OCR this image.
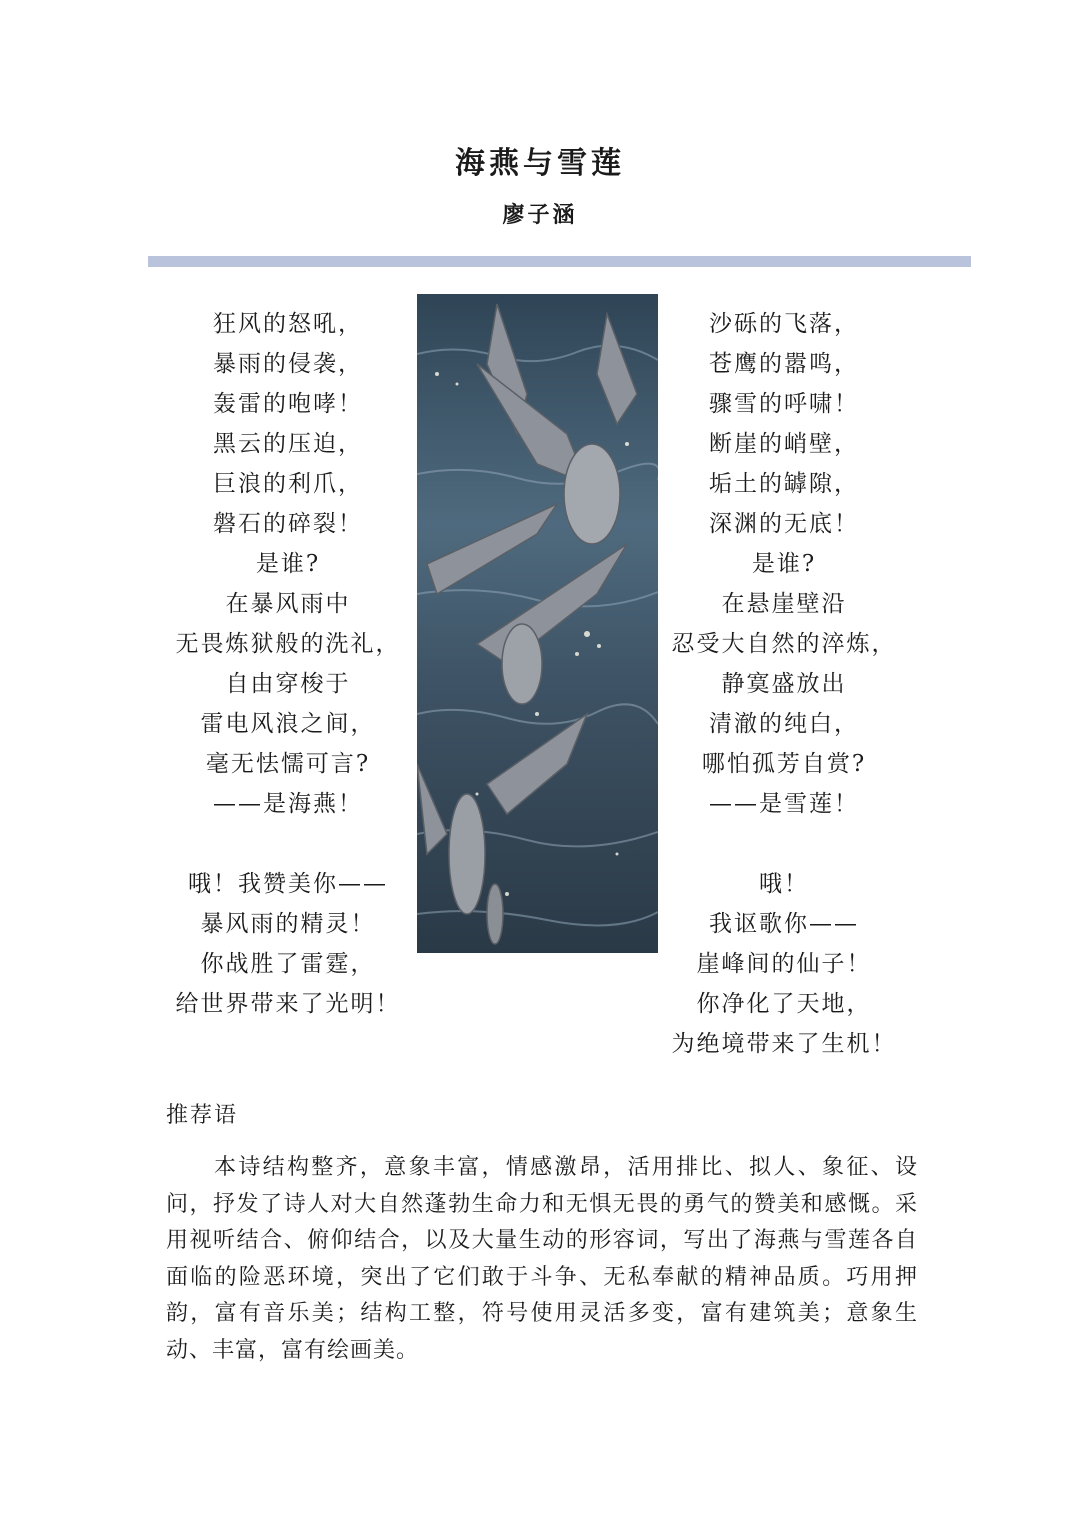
海燕与雪莲
廖子涵
狂风的怒吼，
暴雨的侵袭，
轰雷的咆哮！
黑云的压迫，
巨浪的利爪，
磐石的碎裂！
是谁?
在暴风雨中
无畏炼狱般的洗礼，
自由穿梭于
雷电风浪之间，
毫无怯懦可言?
——是海燕！
哦！我赞美你——
暴风雨的精灵！
你战胜了雷霆，
给世界带来了光明！
沙砾的飞落，
苍鹰的嚣鸣，
骤雪的呼啸！
断崖的峭壁，
垢土的罅隙，
深渊的无底！
是谁?
在悬崖壁沿
忍受大自然的淬炼，
静寞盛放出
清澈的纯白，
哪怕孤芳自赏?
——是雪莲！
哦！
我讴歌你——
崖峰间的仙子！
你净化了天地，
为绝境带来了生机！
推荐语

本诗结构整齐，意象丰富，情感激昂，活用排比、拟人、象征、设问，抒发了诗人对大自然蓬勃生命力和无惧无畏的勇气的赞美和感慨。采用视听结合、俯仰结合，以及大量生动的形容词，写出了海燕与雪莲各自面临的险恶环境，突出了它们敢于斗争、无私奉献的精神品质。巧用押韵，富有音乐美；结构工整，符号使用灵活多变，富有建筑美；意象生动、丰富，富有绘画美。
